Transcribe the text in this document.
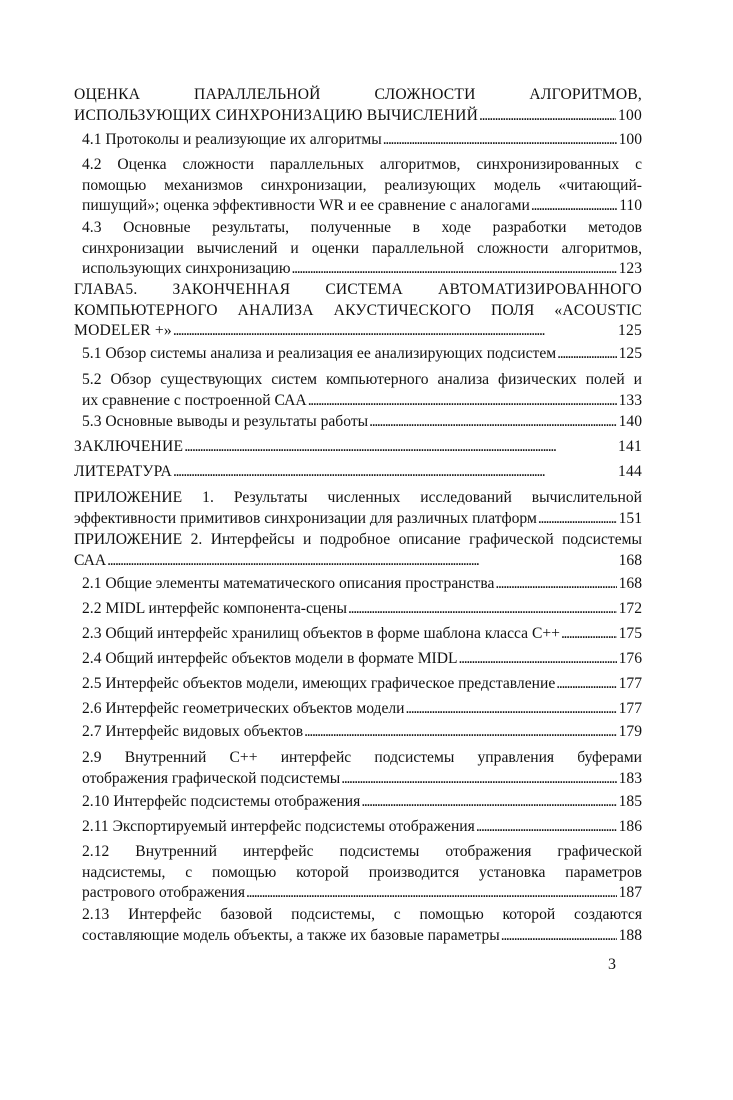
ОЦЕНКА ПАРАЛЛЕЛЬНОЙ СЛОЖНОСТИ АЛГОРИТМОВ,
ИСПОЛЬЗУЮЩИХ СИНХРОНИЗАЦИЮ ВЫЧИСЛЕНИЙ . . .	100
4.1 Протоколы и реализующие их алгоритмы . . .	100
4.2 Оценка сложности параллельных алгоритмов, синхронизированных с
помощью механизмов синхронизации, реализующих модель «читающий-
пишущий»; оценка эффективности WR и ее сравнение с аналогами . . .	110
4.3 Основные результаты, полученные в ходе разработки методов
синхронизации вычислений и оценки параллельной сложности алгоритмов,
использующих синхронизацию . . .	123
ГЛАВА5. ЗАКОНЧЕННАЯ СИСТЕМА АВТОМАТИЗИРОВАННОГО
КОМПЬЮТЕРНОГО АНАЛИЗА АКУСТИЧЕСКОГО ПОЛЯ «ACOUSTIC
MODELER +» . . .	125
5.1 Обзор системы анализа и реализация ее анализирующих подсистем . . .	125
5.2 Обзор существующих систем компьютерного анализа физических полей и
их сравнение с построенной САА . . .	133
5.3 Основные выводы и результаты работы . . .	140
ЗАКЛЮЧЕНИЕ . . .	141
ЛИТЕРАТУРА . . .	144
ПРИЛОЖЕНИЕ 1. Результаты численных исследований вычислительной
эффективности примитивов синхронизации для различных платформ . . .	151
ПРИЛОЖЕНИЕ 2. Интерфейсы и подробное описание графической подсистемы
САА . . .	168
2.1 Общие элементы математического описания пространства . . .	168
2.2 MIDL интерфейс компонента-сцены . . .	172
2.3 Общий интерфейс хранилищ объектов в форме шаблона класса C++ . . .	175
2.4 Общий интерфейс объектов модели в формате MIDL . . .	176
2.5 Интерфейс объектов модели, имеющих графическое представление . . .	177
2.6 Интерфейс геометрических объектов модели . . .	177
2.7 Интерфейс видовых объектов . . .	179
2.9 Внутренний C++ интерфейс подсистемы управления буферами
отображения графической подсистемы . . .	183
2.10 Интерфейс подсистемы отображения . . .	185
2.11 Экспортируемый интерфейс подсистемы отображения . . .	186
2.12 Внутренний интерфейс подсистемы отображения графической
надсистемы, с помощью которой производится установка параметров
растрового отображения . . .	187
2.13 Интерфейс базовой подсистемы, с помощью которой создаются
составляющие модель объекты, а также их базовые параметры . . .	188
3
